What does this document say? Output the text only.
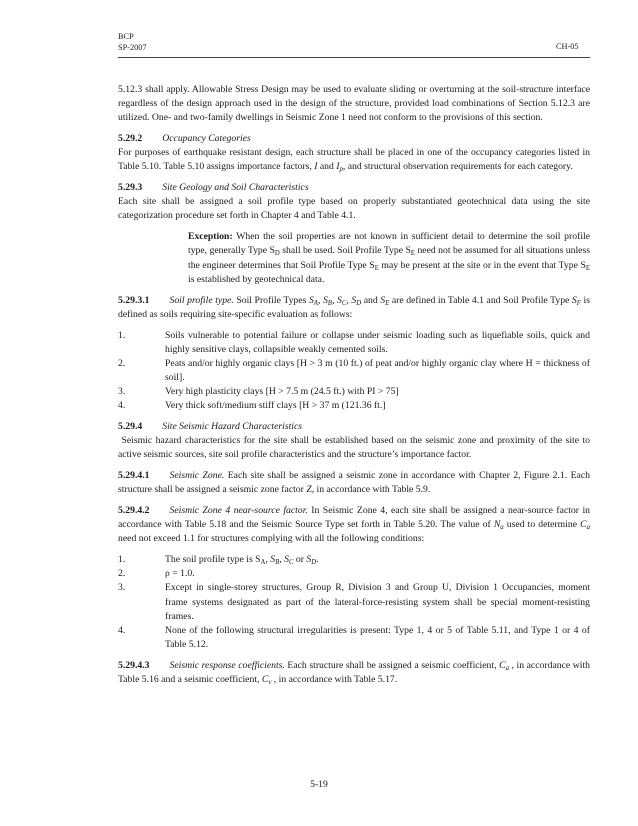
BCP
SP-2007	CH-05

5.12.3 shall apply. Allowable Stress Design may be used to evaluate sliding or overturning at the soil-structure interface regardless of the design approach used in the design of the structure, provided load combinations of Section 5.12.3 are utilized. One- and two-family dwellings in Seismic Zone 1 need not conform to the provisions of this section.

5.29.2 Occupancy Categories

For purposes of earthquake resistant design, each structure shall be placed in one of the occupancy categories listed in Table 5.10. Table 5.10 assigns importance factors, I and $I_p$, and structural observation requirements for each category.

5.29.3 Site Geology and Soil Characteristics

Each site shall be assigned a soil profile type based on properly substantiated geotechnical data using the site categorization procedure set forth in Chapter 4 and Table 4.1.

Exception: When the soil properties are not known in sufficient detail to determine the soil profile type, generally Type $S_D$ shall be used. Soil Profile Type $S_E$ need not be assumed for all situations unless the engineer determines that Soil Profile Type $S_E$ may be present at the site or in the event that Type $S_E$ is established by geotechnical data.

5.29.3.1 Soil profile type. Soil Profile Types $S_A$, $S_B$, $S_C$, $S_D$ and $S_E$ are defined in Table 4.1 and Soil Profile Type $S_F$ is defined as soils requiring site-specific evaluation as follows:

1.	Soils vulnerable to potential failure or collapse under seismic loading such as liquefiable soils, quick and highly sensitive clays, collapsible weakly cemented soils.
2.	Peats and/or highly organic clays [H > 3 m (10 ft.) of peat and/or highly organic clay where H = thickness of soil].
3.	Very high plasticity clays [H > 7.5 m (24.5 ft.) with PI > 75]
4.	Very thick soft/medium stiff clays [H > 37 m (121.36 ft.]

5.29.4 Site Seismic Hazard Characteristics

Seismic hazard characteristics for the site shall be established based on the seismic zone and proximity of the site to active seismic sources, site soil profile characteristics and the structure’s importance factor.

5.29.4.1 Seismic Zone. Each site shall be assigned a seismic zone in accordance with Chapter 2, Figure 2.1. Each structure shall be assigned a seismic zone factor Z, in accordance with Table 5.9.

5.29.4.2 Seismic Zone 4 near-source factor. In Seismic Zone 4, each site shall be assigned a near-source factor in accordance with Table 5.18 and the Seismic Source Type set forth in Table 5.20. The value of $N_a$ used to determine $C_a$ need not exceed 1.1 for structures complying with all the following conditions:

1.	The soil profile type is $S_A$, $S_B$, $S_C$ or $S_D$.
2.	ρ = 1.0.
3.	Except in single-storey structures, Group R, Division 3 and Group U, Division 1 Occupancies, moment frame systems designated as part of the lateral-force-resisting system shall be special moment-resisting frames.
4.	None of the following structural irregularities is present: Type 1, 4 or 5 of Table 5.11, and Type 1 or 4 of Table 5.12.

5.29.4.3 Seismic response coefficients. Each structure shall be assigned a seismic coefficient, $C_a$ , in accordance with Table 5.16 and a seismic coefficient, $C_v$ , in accordance with Table 5.17.

5-19
